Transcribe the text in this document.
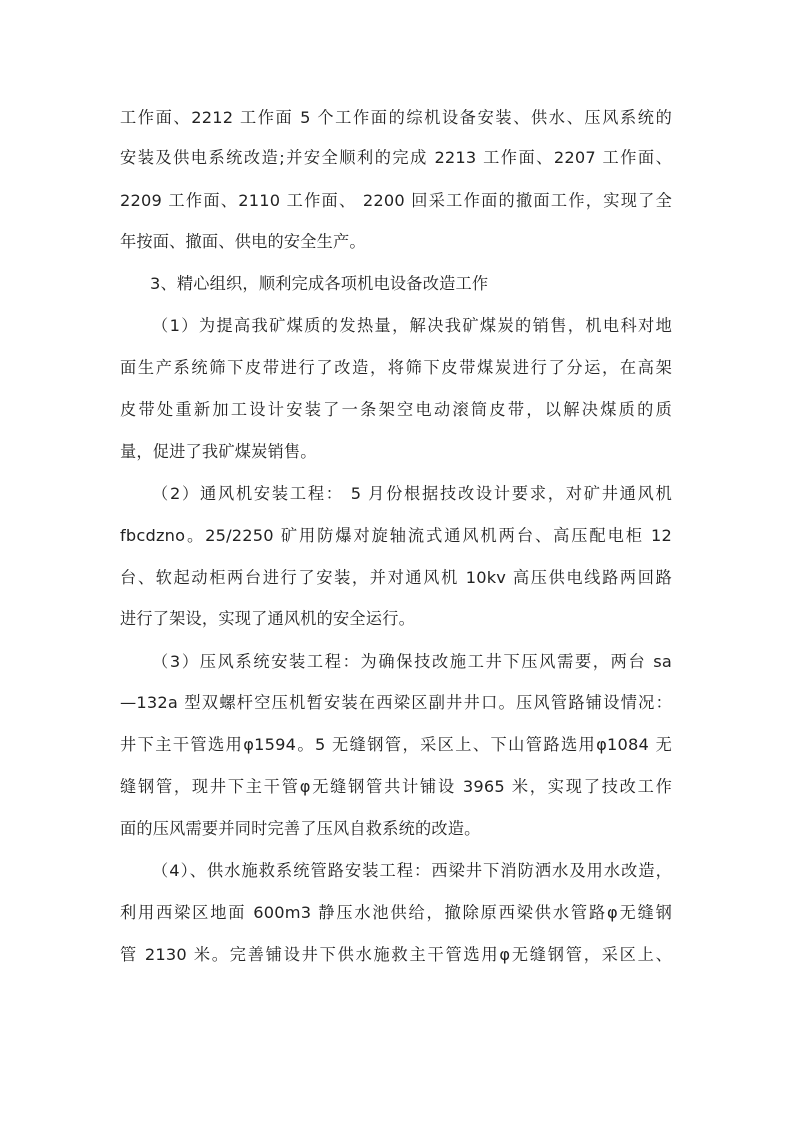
工作面、2212 工作面 5 个工作面的综机设备安装、供水、压风系统的
安装及供电系统改造;并安全顺利的完成 2213 工作面、2207 工作面、
2209 工作面、2110 工作面、 2200 回采工作面的撤面工作，实现了全
年按面、撤面、供电的安全生产。
3、精心组织，顺利完成各项机电设备改造工作
（1）为提高我矿煤质的发热量，解决我矿煤炭的销售，机电科对地
面生产系统筛下皮带进行了改造，将筛下皮带煤炭进行了分运，在高架
皮带处重新加工设计安装了一条架空电动滚筒皮带，以解决煤质的质
量，促进了我矿煤炭销售。
（2）通风机安装工程： 5 月份根据技改设计要求，对矿井通风机
fbcdzno。25/2250 矿用防爆对旋轴流式通风机两台、高压配电柜 12
台、软起动柜两台进行了安装，并对通风机 10kv 高压供电线路两回路
进行了架设，实现了通风机的安全运行。
（3）压风系统安装工程：为确保技改施工井下压风需要，两台 sa
—132a 型双螺杆空压机暂安装在西梁区副井井口。压风管路铺设情况：
井下主干管选用φ1594。5 无缝钢管，采区上、下山管路选用φ1084 无
缝钢管，现井下主干管φ无缝钢管共计铺设 3965 米，实现了技改工作
面的压风需要并同时完善了压风自救系统的改造。
（4）、供水施救系统管路安装工程：西梁井下消防洒水及用水改造，
利用西梁区地面 600m3 静压水池供给，撤除原西梁供水管路φ无缝钢
管 2130 米。完善铺设井下供水施救主干管选用φ无缝钢管，采区上、
